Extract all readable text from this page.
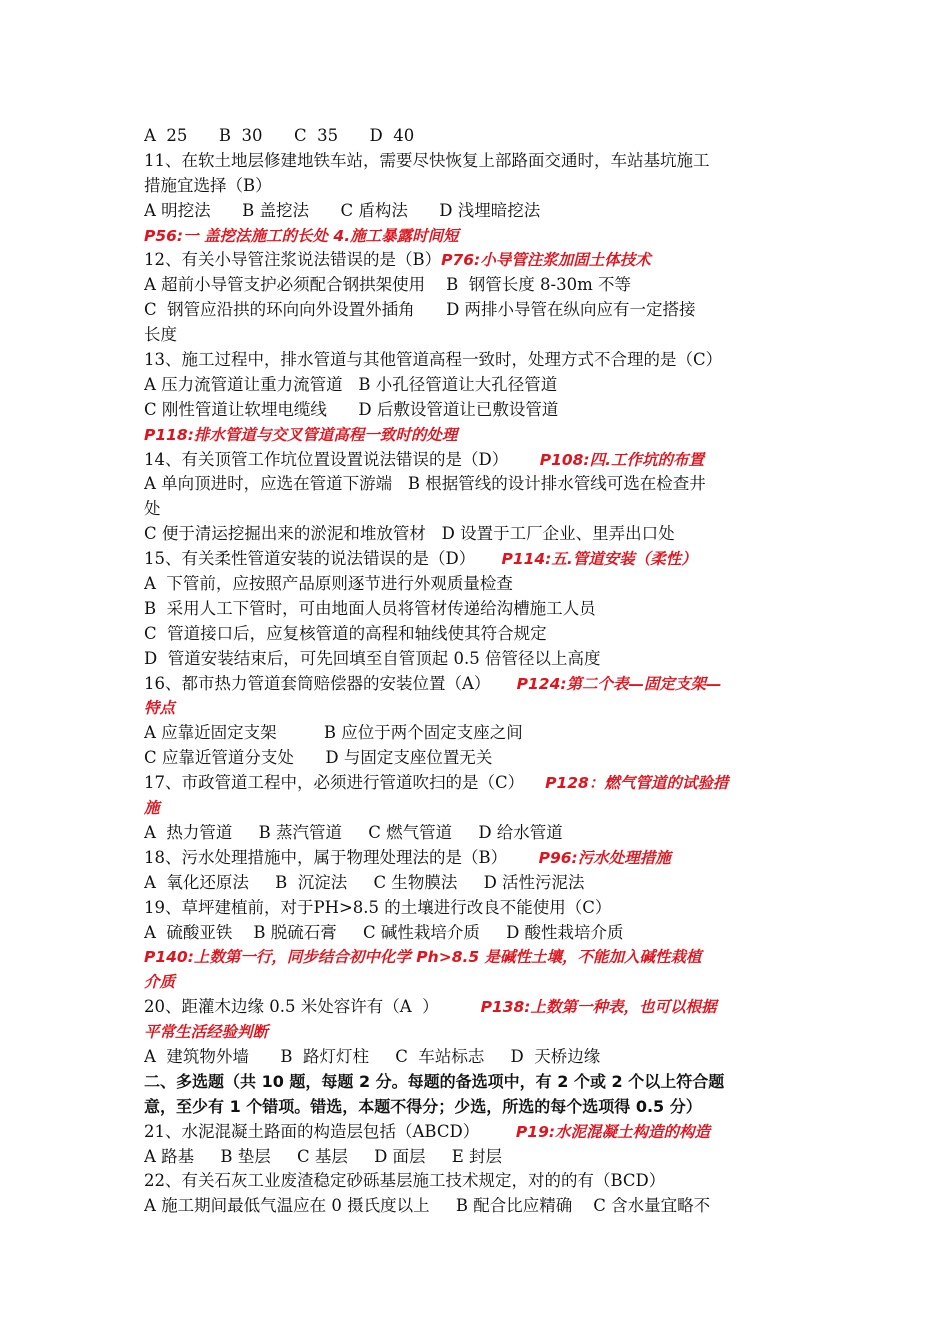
A  25      B  30      C  35      D  40
11、在软土地层修建地铁车站，需要尽快恢复上部路面交通时，车站基坑施工
措施宜选择（B）
A 明挖法      B 盖挖法      C 盾构法      D 浅埋暗挖法
P56:一 盖挖法施工的长处 4.施工暴露时间短
12、有关小导管注浆说法错误的是（B）P76:小导管注浆加固土体技术
A 超前小导管支护必须配合钢拱架使用    B  钢管长度 8-30m 不等
C  钢管应沿拱的环向向外设置外插角      D 两排小导管在纵向应有一定搭接
长度
13、施工过程中，排水管道与其他管道高程一致时，处理方式不合理的是（C）
A 压力流管道让重力流管道   B 小孔径管道让大孔径管道
C 刚性管道让软埋电缆线      D 后敷设管道让已敷设管道
P118:排水管道与交叉管道高程一致时的处理
14、有关顶管工作坑位置设置说法错误的是（D）      P108:四.工作坑的布置
A 单向顶进时，应选在管道下游端   B 根据管线的设计排水管线可选在检查井
处
C 便于清运挖掘出来的淤泥和堆放管材   D 设置于工厂企业、里弄出口处
15、有关柔性管道安装的说法错误的是（D）     P114:五.管道安装（柔性）
A  下管前，应按照产品原则逐节进行外观质量检查
B  采用人工下管时，可由地面人员将管材传递给沟槽施工人员
C  管道接口后，应复核管道的高程和轴线使其符合规定
D  管道安装结束后，可先回填至自管顶起 0.5 倍管径以上高度
16、都市热力管道套筒赔偿器的安装位置（A）     P124:第二个表—固定支架—
特点
A 应靠近固定支架         B 应位于两个固定支座之间
C 应靠近管道分支处      D 与固定支座位置无关
17、市政管道工程中，必须进行管道吹扫的是（C）    P128：燃气管道的试验措
施
A  热力管道     B 蒸汽管道     C 燃气管道     D 给水管道
18、污水处理措施中，属于物理处理法的是（B）      P96:污水处理措施
A  氧化还原法     B  沉淀法     C 生物膜法     D 活性污泥法
19、草坪建植前，对于PH>8.5 的土壤进行改良不能使用（C）
A  硫酸亚铁    B 脱硫石膏     C 碱性栽培介质     D 酸性栽培介质
P140:上数第一行，同步结合初中化学 Ph>8.5 是碱性土壤，不能加入碱性栽植
介质
20、距灌木边缘 0.5 米处容许有（A  ）        P138:上数第一种表，也可以根据
平常生活经验判断
A  建筑物外墙      B  路灯灯柱     C  车站标志     D  天桥边缘
二、多选题（共 10 题，每题 2 分。每题的备选项中，有 2 个或 2 个以上符合题
意，至少有 1 个错项。错选，本题不得分；少选，所选的每个选项得 0.5 分）
21、水泥混凝土路面的构造层包括（ABCD）       P19:水泥混凝土构造的构造
A 路基     B 垫层     C 基层     D 面层     E 封层
22、有关石灰工业废渣稳定砂砾基层施工技术规定，对的的有（BCD）
A 施工期间最低气温应在 0 摄氏度以上     B 配合比应精确    C 含水量宜略不
